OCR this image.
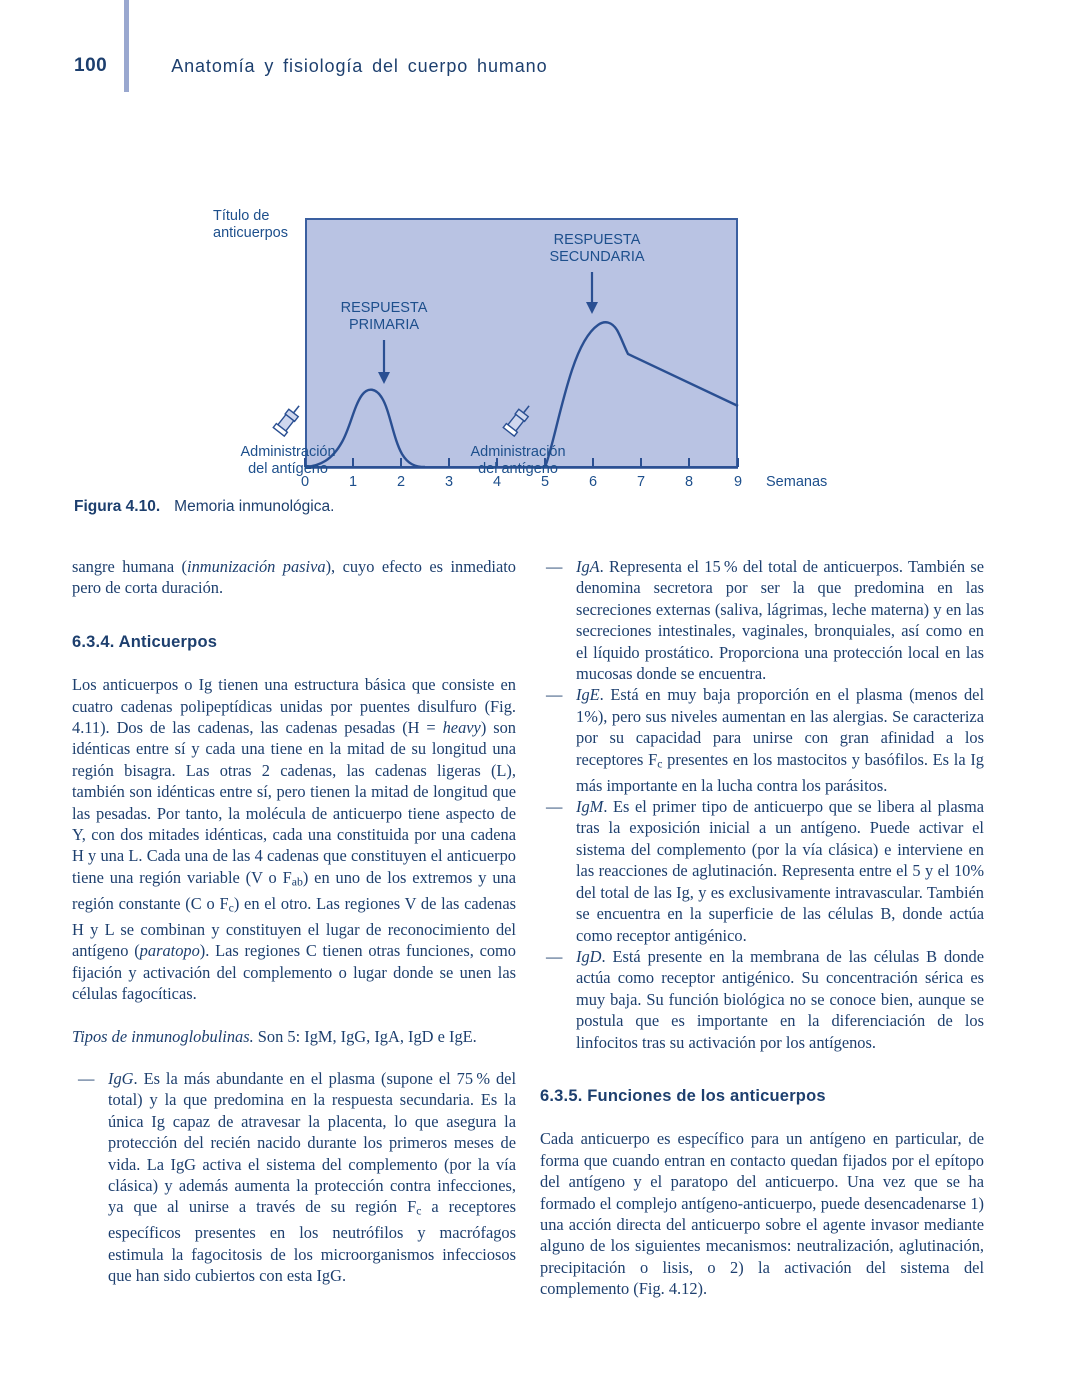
100	Anatomía y fisiología del cuerpo humano
Título de
anticuerpos
RESPUESTA
PRIMARIA
RESPUESTA
SECUNDARIA
0	1	2	3	4	5	6	7	8	9 Semanas
Administración
del antígeno
Administración
del antígeno
Figura 4.10. Memoria inmunológica.

sangre humana (inmunización pasiva), cuyo efecto es inmediato pero de corta duración.

6.3.4. Anticuerpos

Los anticuerpos o Ig tienen una estructura básica que consiste en cuatro cadenas polipeptídicas unidas por puentes disulfuro (Fig. 4.11). Dos de las cadenas, las cadenas pesadas (H = heavy) son idénticas entre sí y cada una tiene en la mitad de su longitud una región bisagra. Las otras 2 cadenas, las cadenas ligeras (L), también son idénticas entre sí, pero tienen la mitad de longitud que las pesadas. Por tanto, la molécula de anticuerpo tiene aspecto de Y, con dos mitades idénticas, cada una constituida por una cadena H y una L. Cada una de las 4 cadenas que constituyen el anticuerpo tiene una región variable (V o $F_{ab}$) en uno de los extremos y una región constante (C o $F_c$) en el otro. Las regiones V de las cadenas H y L se combinan y constituyen el lugar de reconocimiento del antígeno (paratopo). Las regiones C tienen otras funciones, como fijación y activación del complemento o lugar donde se unen las células fagocíticas.

Tipos de inmunoglobulinas. Son 5: IgM, IgG, IgA, IgD e IgE.

— IgG. Es la más abundante en el plasma (supone el 75 % del total) y la que predomina en la respuesta secundaria. Es la única Ig capaz de atravesar la placenta, lo que asegura la protección del recién nacido durante los primeros meses de vida. La IgG activa el sistema del complemento (por la vía clásica) y además aumenta la protección contra infecciones, ya que al unirse a través de su región $F_c$ a receptores específicos presentes en los neutrófilos y macrófagos estimula la fagocitosis de los microorganismos infecciosos que han sido cubiertos con esta IgG.
— IgA. Representa el 15 % del total de anticuerpos. También se denomina secretora por ser la que predomina en las secreciones externas (saliva, lágrimas, leche materna) y en las secreciones intestinales, vaginales, bronquiales, así como en el líquido prostático. Proporciona una protección local en las mucosas donde se encuentra.
— IgE. Está en muy baja proporción en el plasma (menos del 1%), pero sus niveles aumentan en las alergias. Se caracteriza por su capacidad para unirse con gran afinidad a los receptores $F_c$ presentes en los mastocitos y basófilos. Es la Ig más importante en la lucha contra los parásitos.
— IgM. Es el primer tipo de anticuerpo que se libera al plasma tras la exposición inicial a un antígeno. Puede activar el sistema del complemento (por la vía clásica) e interviene en las reacciones de aglutinación. Representa entre el 5 y el 10% del total de las Ig, y es exclusivamente intravascular. También se encuentra en la superficie de las células B, donde actúa como receptor antigénico.
— IgD. Está presente en la membrana de las células B donde actúa como receptor antigénico. Su concentración sérica es muy baja. Su función biológica no se conoce bien, aunque se postula que es importante en la diferenciación de los linfocitos tras su activación por los antígenos.
6.3.5. Funciones de los anticuerpos

Cada anticuerpo es específico para un antígeno en particular, de forma que cuando entran en contacto quedan fijados por el epítopo del antígeno y el paratopo del anticuerpo. Una vez que se ha formado el complejo antígeno-anticuerpo, puede desencadenarse 1) una acción directa del anticuerpo sobre el agente invasor mediante alguno de los siguientes mecanismos: neutralización, aglutinación, precipitación o lisis, o 2) la activación del sistema del complemento (Fig. 4.12).
